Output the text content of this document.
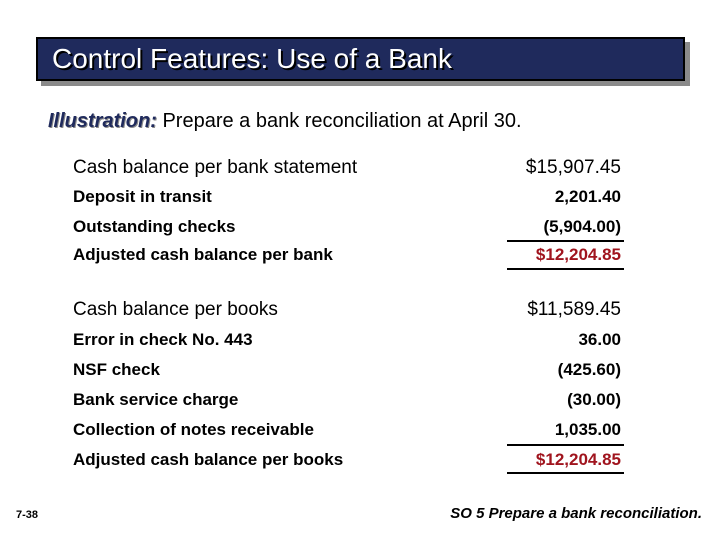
Control Features: Use of a Bank
Illustration: Prepare a bank reconciliation at April 30.
Cash balance per bank statement	$15,907.45
Deposit in transit	2,201.40
Outstanding checks	(5,904.00)
Adjusted cash balance per bank	$12,204.85
Cash balance per books	$11,589.45
Error in check No. 443	36.00
NSF check	(425.60)
Bank service charge	(30.00)
Collection of notes receivable	1,035.00
Adjusted cash balance per books	$12,204.85
7-38	SO 5 Prepare a bank reconciliation.
